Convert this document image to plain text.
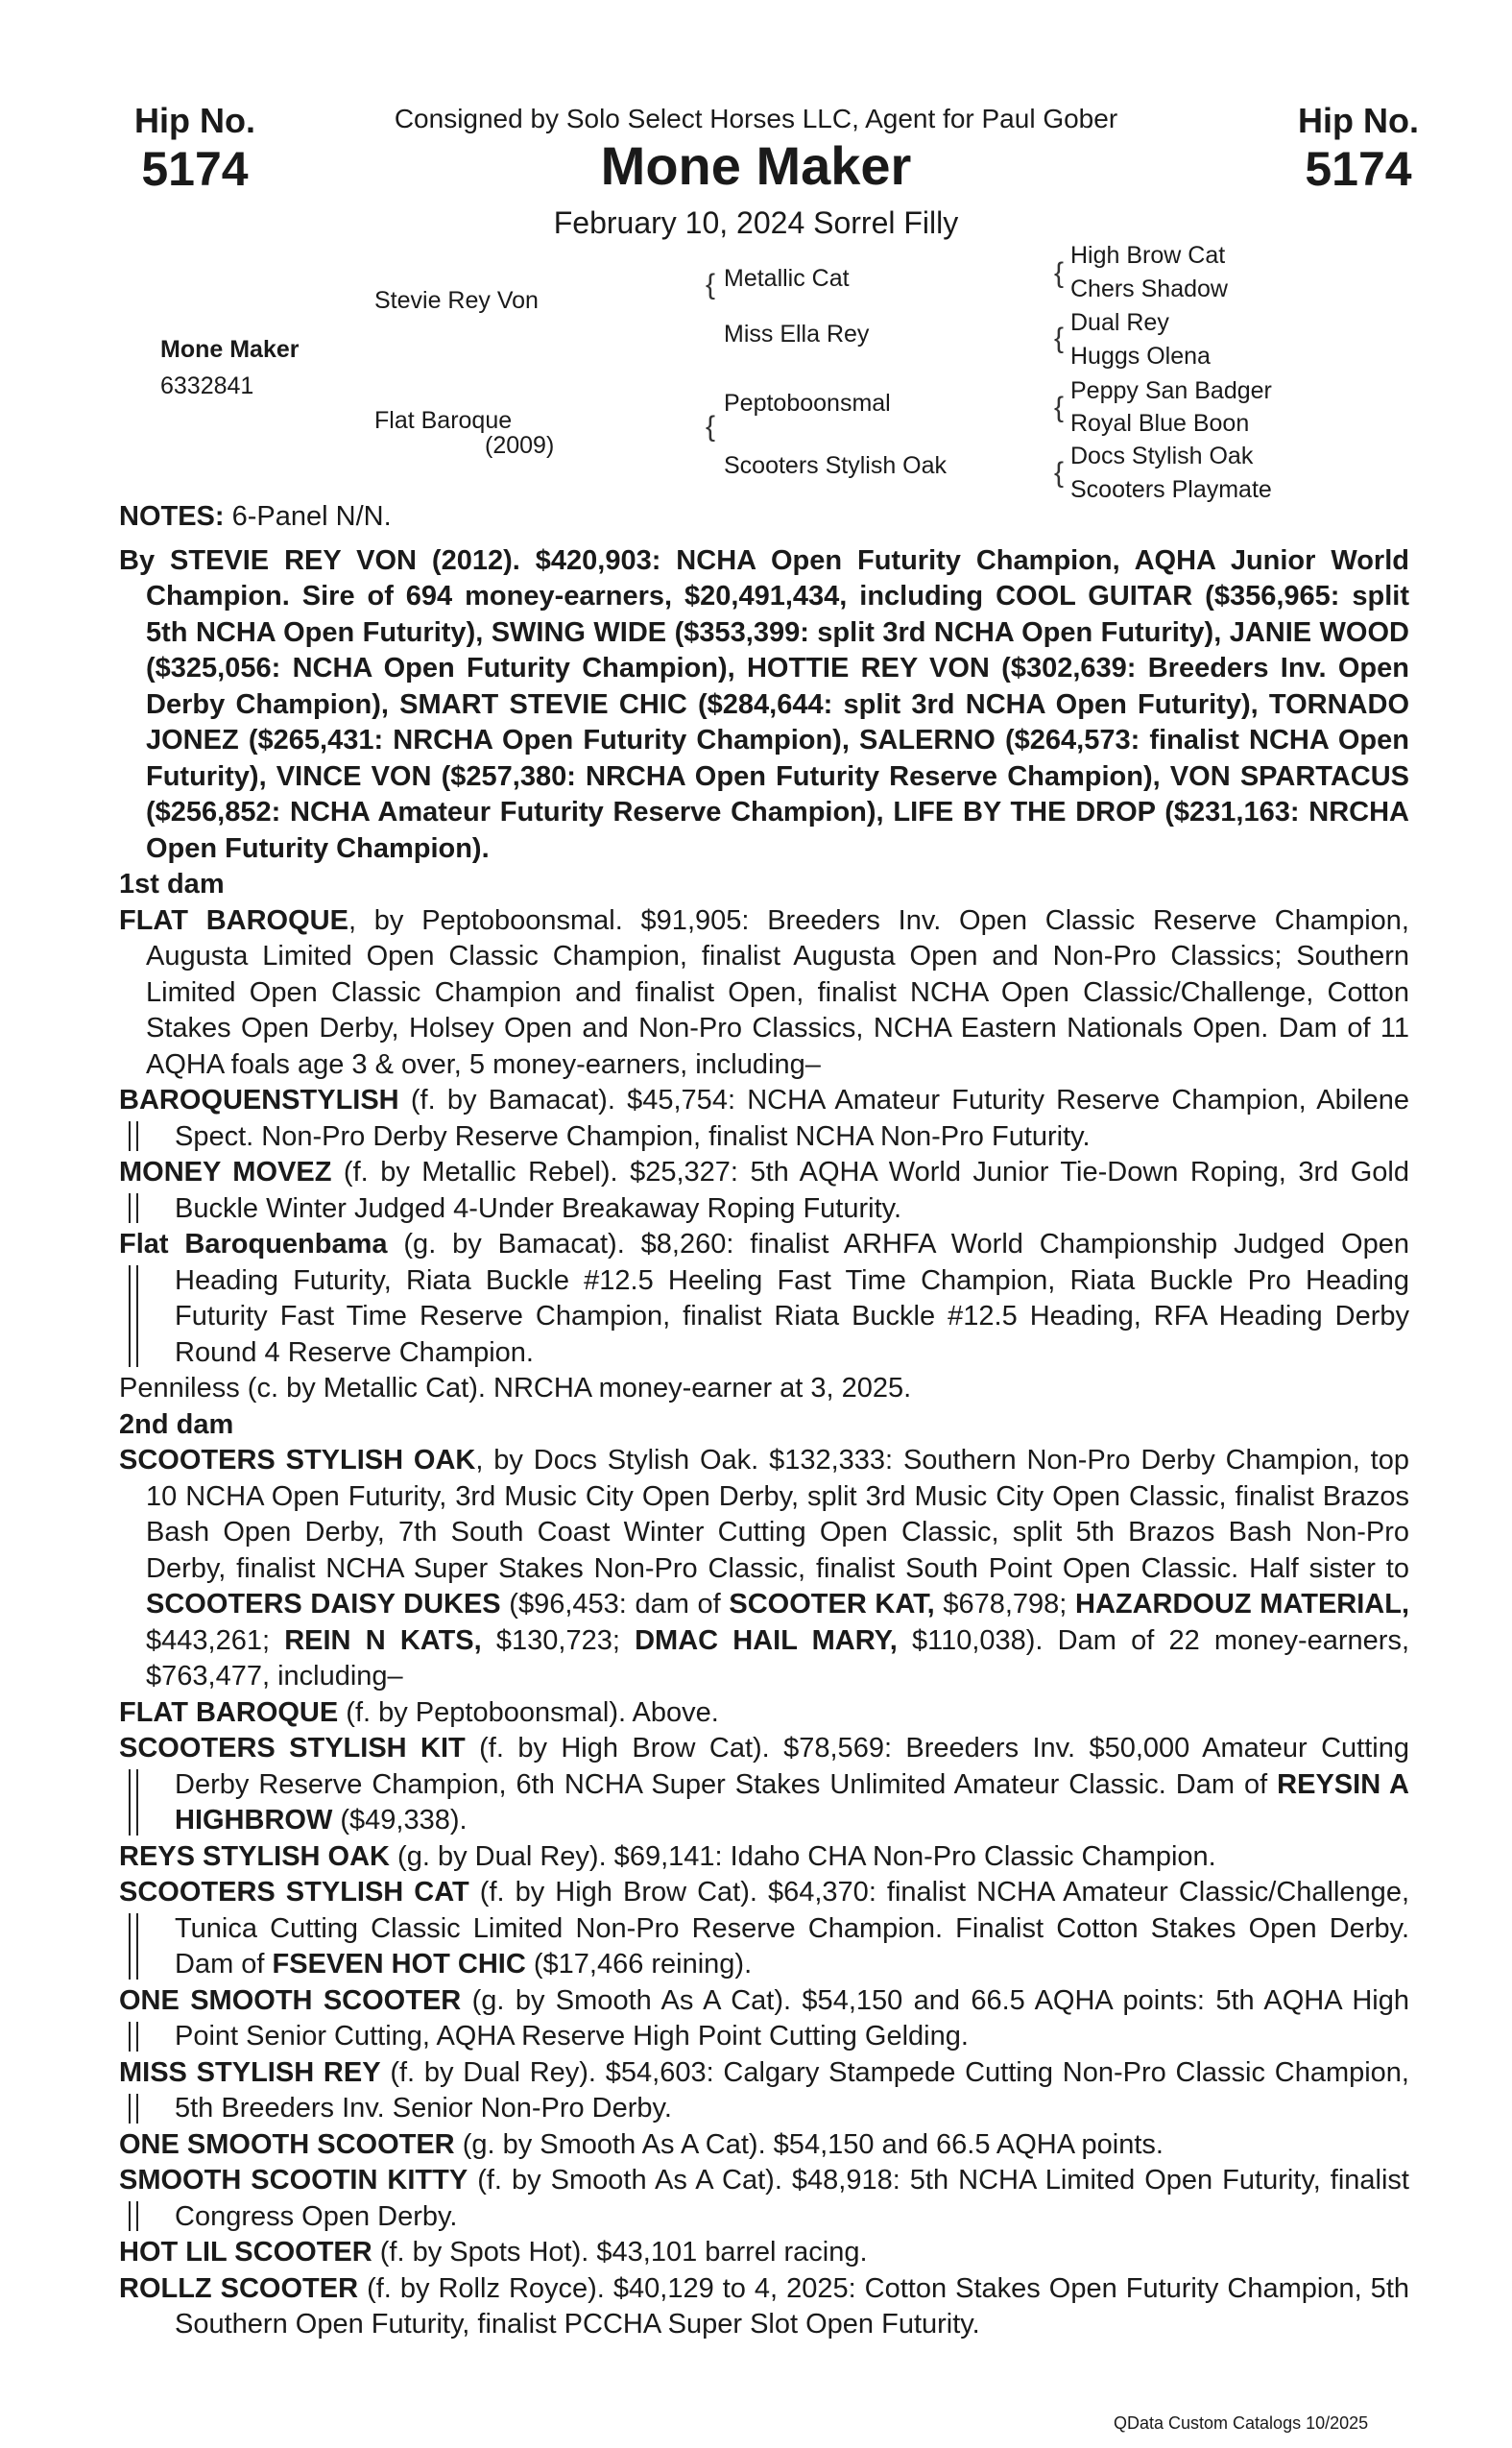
Hip No.
5174
Hip No.
5174
Consigned by Solo Select Horses LLC, Agent for Paul Gober
Mone Maker
February 10, 2024 Sorrel Filly
Mone Maker
6332841
Stevie Rey Von
Flat Baroque
(2009)
{ Metallic Cat
Miss Ella Rey
{
Peptoboonsmal
Scooters Stylish Oak
{
High Brow Cat
Chers Shadow
{ Dual Rey
Huggs Olena
{
Peppy San Badger
Royal Blue Boon
{
Docs Stylish Oak
Scooters Playmate

NOTES: 6-Panel N/N.

By STEVIE REY VON (2012). $420,903: NCHA Open Futurity Champion, AQHA Junior World Champion. Sire of 694 money-earners, $20,491,434, including COOL GUITAR ($356,965: split 5th NCHA Open Futurity), SWING WIDE ($353,399: split 3rd NCHA Open Futurity), JANIE WOOD ($325,056: NCHA Open Futurity Champion), HOTTIE REY VON ($302,639: Breeders Inv. Open Derby Champion), SMART STEVIE CHIC ($284,644: split 3rd NCHA Open Futurity), TORNADO JONEZ ($265,431: NRCHA Open Futurity Champion), SALERNO ($264,573: finalist NCHA Open Futurity), VINCE VON ($257,380: NRCHA Open Futurity Reserve Champion), VON SPARTACUS ($256,852: NCHA Amateur Futurity Reserve Champion), LIFE BY THE DROP ($231,163: NRCHA Open Futurity Champion).

1st dam

FLAT BAROQUE, by Peptoboonsmal. $91,905: Breeders Inv. Open Classic Reserve Champion, Augusta Limited Open Classic Champion, finalist Augusta Open and Non-Pro Classics; Southern Limited Open Classic Champion and finalist Open, finalist NCHA Open Classic/Challenge, Cotton Stakes Open Derby, Holsey Open and Non-Pro Classics, NCHA Eastern Nationals Open. Dam of 11 AQHA foals age 3 & over, 5 money-earners, including–

BAROQUENSTYLISH (f. by Bamacat). $45,754: NCHA Amateur Futurity Reserve Champion, Abilene Spect. Non-Pro Derby Reserve Champion, finalist NCHA Non-Pro Futurity.

MONEY MOVEZ (f. by Metallic Rebel). $25,327: 5th AQHA World Junior Tie-Down Roping, 3rd Gold Buckle Winter Judged 4-Under Breakaway Roping Futurity.

Flat Baroquenbama (g. by Bamacat). $8,260: finalist ARHFA World Championship Judged Open Heading Futurity, Riata Buckle #12.5 Heeling Fast Time Champion, Riata Buckle Pro Heading Futurity Fast Time Reserve Champion, finalist Riata Buckle #12.5 Heading, RFA Heading Derby Round 4 Reserve Champion.

Penniless (c. by Metallic Cat). NRCHA money-earner at 3, 2025.

2nd dam

SCOOTERS STYLISH OAK, by Docs Stylish Oak. $132,333: Southern Non-Pro Derby Champion, top 10 NCHA Open Futurity, 3rd Music City Open Derby, split 3rd Music City Open Classic, finalist Brazos Bash Open Derby, 7th South Coast Winter Cutting Open Classic, split 5th Brazos Bash Non-Pro Derby, finalist NCHA Super Stakes Non-Pro Classic, finalist South Point Open Classic. Half sister to SCOOTERS DAISY DUKES ($96,453: dam of SCOOTER KAT, $678,798; HAZARDOUZ MATERIAL, $443,261; REIN N KATS, $130,723; DMAC HAIL MARY, $110,038). Dam of 22 money-earners, $763,477, including–

FLAT BAROQUE (f. by Peptoboonsmal). Above.

SCOOTERS STYLISH KIT (f. by High Brow Cat). $78,569: Breeders Inv. $50,000 Amateur Cutting Derby Reserve Champion, 6th NCHA Super Stakes Unlimited Amateur Classic. Dam of REYSIN A HIGHBROW ($49,338).

REYS STYLISH OAK (g. by Dual Rey). $69,141: Idaho CHA Non-Pro Classic Champion.

SCOOTERS STYLISH CAT (f. by High Brow Cat). $64,370: finalist NCHA Amateur Classic/Challenge, Tunica Cutting Classic Limited Non-Pro Reserve Champion. Finalist Cotton Stakes Open Derby. Dam of FSEVEN HOT CHIC ($17,466 reining).

ONE SMOOTH SCOOTER (g. by Smooth As A Cat). $54,150 and 66.5 AQHA points: 5th AQHA High Point Senior Cutting, AQHA Reserve High Point Cutting Gelding.

MISS STYLISH REY (f. by Dual Rey). $54,603: Calgary Stampede Cutting Non-Pro Classic Champion, 5th Breeders Inv. Senior Non-Pro Derby.

ONE SMOOTH SCOOTER (g. by Smooth As A Cat). $54,150 and 66.5 AQHA points.

SMOOTH SCOOTIN KITTY (f. by Smooth As A Cat). $48,918: 5th NCHA Limited Open Futurity, finalist Congress Open Derby.

HOT LIL SCOOTER (f. by Spots Hot). $43,101 barrel racing.

ROLLZ SCOOTER (f. by Rollz Royce). $40,129 to 4, 2025: Cotton Stakes Open Futurity Champion, 5th Southern Open Futurity, finalist PCCHA Super Slot Open Futurity.

QData Custom Catalogs 10/2025
